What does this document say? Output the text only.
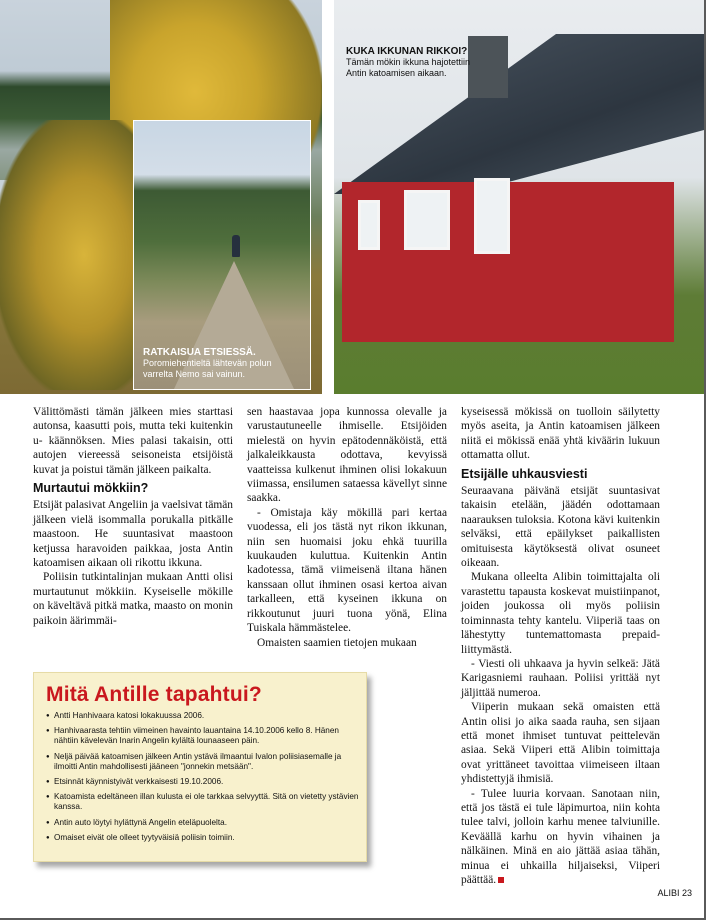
RATKAISUA ETSIESSÄ.
Poromiehentieltä lähtevän polun varrelta Nemo sai vainun.
KUKA IKKUNAN RIKKOI?
Tämän mökin ikkuna hajotettiin Antin katoamisen aikaan.

Välittömästi tämän jälkeen mies starttasi autonsa, kaasutti pois, mutta teki kuitenkin u- käännöksen. Mies palasi takaisin, otti autojen viereessä seisoneista etsijöistä kuvat ja poistui tämän jälkeen paikalta.

Murtautui mökkiin?

Etsijät palasivat Angeliin ja vaelsivat tämän jälkeen vielä isommalla porukalla pitkälle maastoon. He suuntasivat maastoon ketjussa haravoiden paikkaa, josta Antin katoamisen aikaan oli rikottu ikkuna.

Poliisin tutkintalinjan mukaan Antti olisi murtautunut mökkiin. Kyseiselle mökille on käveltävä pitkä matka, maasto on monin paikoin äärimmäi-

sen haastavaa jopa kunnossa olevalle ja varustautuneelle ihmiselle. Etsijöiden mielestä on hyvin epätodennäköistä, että jalkaleikkausta odottava, kevyissä vaatteissa kulkenut ihminen olisi lokakuun viimassa, ensilumen sataessa kävellyt sinne saakka.

- Omistaja käy mökillä pari kertaa vuodessa, eli jos tästä nyt rikon ikkunan, niin sen huomaisi joku ehkä tuurilla kuukauden kuluttua. Kuitenkin Antin kadotessa, tämä viimeisenä iltana hänen kanssaan ollut ihminen osasi kertoa aivan tarkalleen, että kyseinen ikkuna on rikkoutunut juuri tuona yönä, Elina Tuiskala hämmästelee.

Omaisten saamien tietojen mukaan

kyseisessä mökissä on tuolloin säilytetty myös aseita, ja Antin katoamisen jälkeen niitä ei mökissä enää yhtä kiväärin lukuun ottamatta ollut.

Etsijälle uhkausviesti

Seuraavana päivänä etsijät suuntasivat takaisin etelään, jäädén odottamaan naarauksen tuloksia. Kotona kävi kuitenkin selväksi, että epäilykset paikallisten omituisesta käytöksestä olivat osuneet oikeaan.

Mukana olleelta Alibin toimittajalta oli varastettu tapausta koskevat muistiinpanot, joiden joukossa oli myös poliisin toiminnasta tehty kantelu. Viiperiä taas on lähestytty tuntemattomasta prepaid-liittymästä.

- Viesti oli uhkaava ja hyvin selkeä: Jätä Karigasniemi rauhaan. Poliisi yrittää nyt jäljittää numeroa.

Viiperin mukaan sekä omaisten että Antin olisi jo aika saada rauha, sen sijaan että monet ihmiset tuntuvat peittelevän asiaa. Sekä Viiperi että Alibin toimittaja ovat yrittäneet tavoittaa viimeiseen iltaan yhdistettyjä ihmisiä.

- Tulee luuria korvaan. Sanotaan niin, että jos tästä ei tule läpimurtoa, niin kohta tulee talvi, jolloin karhu menee talviunille. Keväällä karhu on hyvin vihainen ja nälkäinen. Minä en aio jättää asiaa tähän, minua ei uhkailla hiljaiseksi, Viiperi päättää.

Mitä Antille tapahtui?
● Antti Hanhivaara katosi lokakuussa 2006.
● Hanhivaarasta tehtiin viimeinen havainto lauantaina 14.10.2006 kello 8. Hänen nähtiin kävelevän Inarin Angelin kylältä lounaaseen päin.
● Neljä päivää katoamisen jälkeen Antin ystävä ilmaantui Ivalon poliisiasemalle ja ilmoitti Antin mahdollisesti jääneen "jonnekin metsään".
● Etsinnät käynnistyivät verkkaisesti 19.10.2006.
● Katoamista edeltäneen illan kulusta ei ole tarkkaa selvyyttä. Sitä on vietetty ystävien kanssa.
● Antin auto löytyi hylättynä Angelin eteläpuolelta.
● Omaiset eivät ole olleet tyytyväisiä poliisin toimiin.
ALIBI 23
